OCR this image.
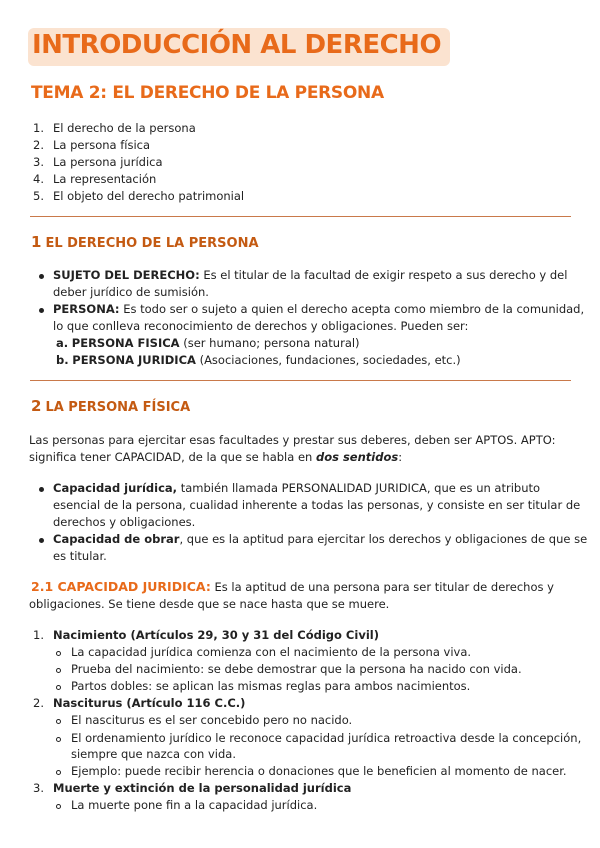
INTRODUCCIÓN AL DERECHO
TEMA 2: EL DERECHO DE LA PERSONA
1. El derecho de la persona
2. La persona física
3. La persona jurídica
4. La representación
5. El objeto del derecho patrimonial
1 EL DERECHO DE LA PERSONA
SUJETO DEL DERECHO: Es el titular de la facultad de exigir respeto a sus derecho y del
deber jurídico de sumisión.
PERSONA: Es todo ser o sujeto a quien el derecho acepta como miembro de la comunidad,
lo que conlleva reconocimiento de derechos y obligaciones. Pueden ser:
a. PERSONA FISICA (ser humano; persona natural)
b. PERSONA JURIDICA (Asociaciones, fundaciones, sociedades, etc.)
2 LA PERSONA FÍSICA
Las personas para ejercitar esas facultades y prestar sus deberes, deben ser APTOS. APTO:
significa tener CAPACIDAD, de la que se habla en dos sentidos:
Capacidad jurídica, también llamada PERSONALIDAD JURIDICA, que es un atributo
esencial de la persona, cualidad inherente a todas las personas, y consiste en ser titular de
derechos y obligaciones.
Capacidad de obrar, que es la aptitud para ejercitar los derechos y obligaciones de que se
es titular.
2.1 CAPACIDAD JURIDICA: Es la aptitud de una persona para ser titular de derechos y
obligaciones. Se tiene desde que se nace hasta que se muere.
1. Nacimiento (Artículos 29, 30 y 31 del Código Civil)
La capacidad jurídica comienza con el nacimiento de la persona viva.
Prueba del nacimiento: se debe demostrar que la persona ha nacido con vida.
Partos dobles: se aplican las mismas reglas para ambos nacimientos.
2. Nasciturus (Artículo 116 C.C.)
El nasciturus es el ser concebido pero no nacido.
El ordenamiento jurídico le reconoce capacidad jurídica retroactiva desde la concepción,
siempre que nazca con vida.
Ejemplo: puede recibir herencia o donaciones que le beneficien al momento de nacer.
3. Muerte y extinción de la personalidad jurídica
La muerte pone fin a la capacidad jurídica.
